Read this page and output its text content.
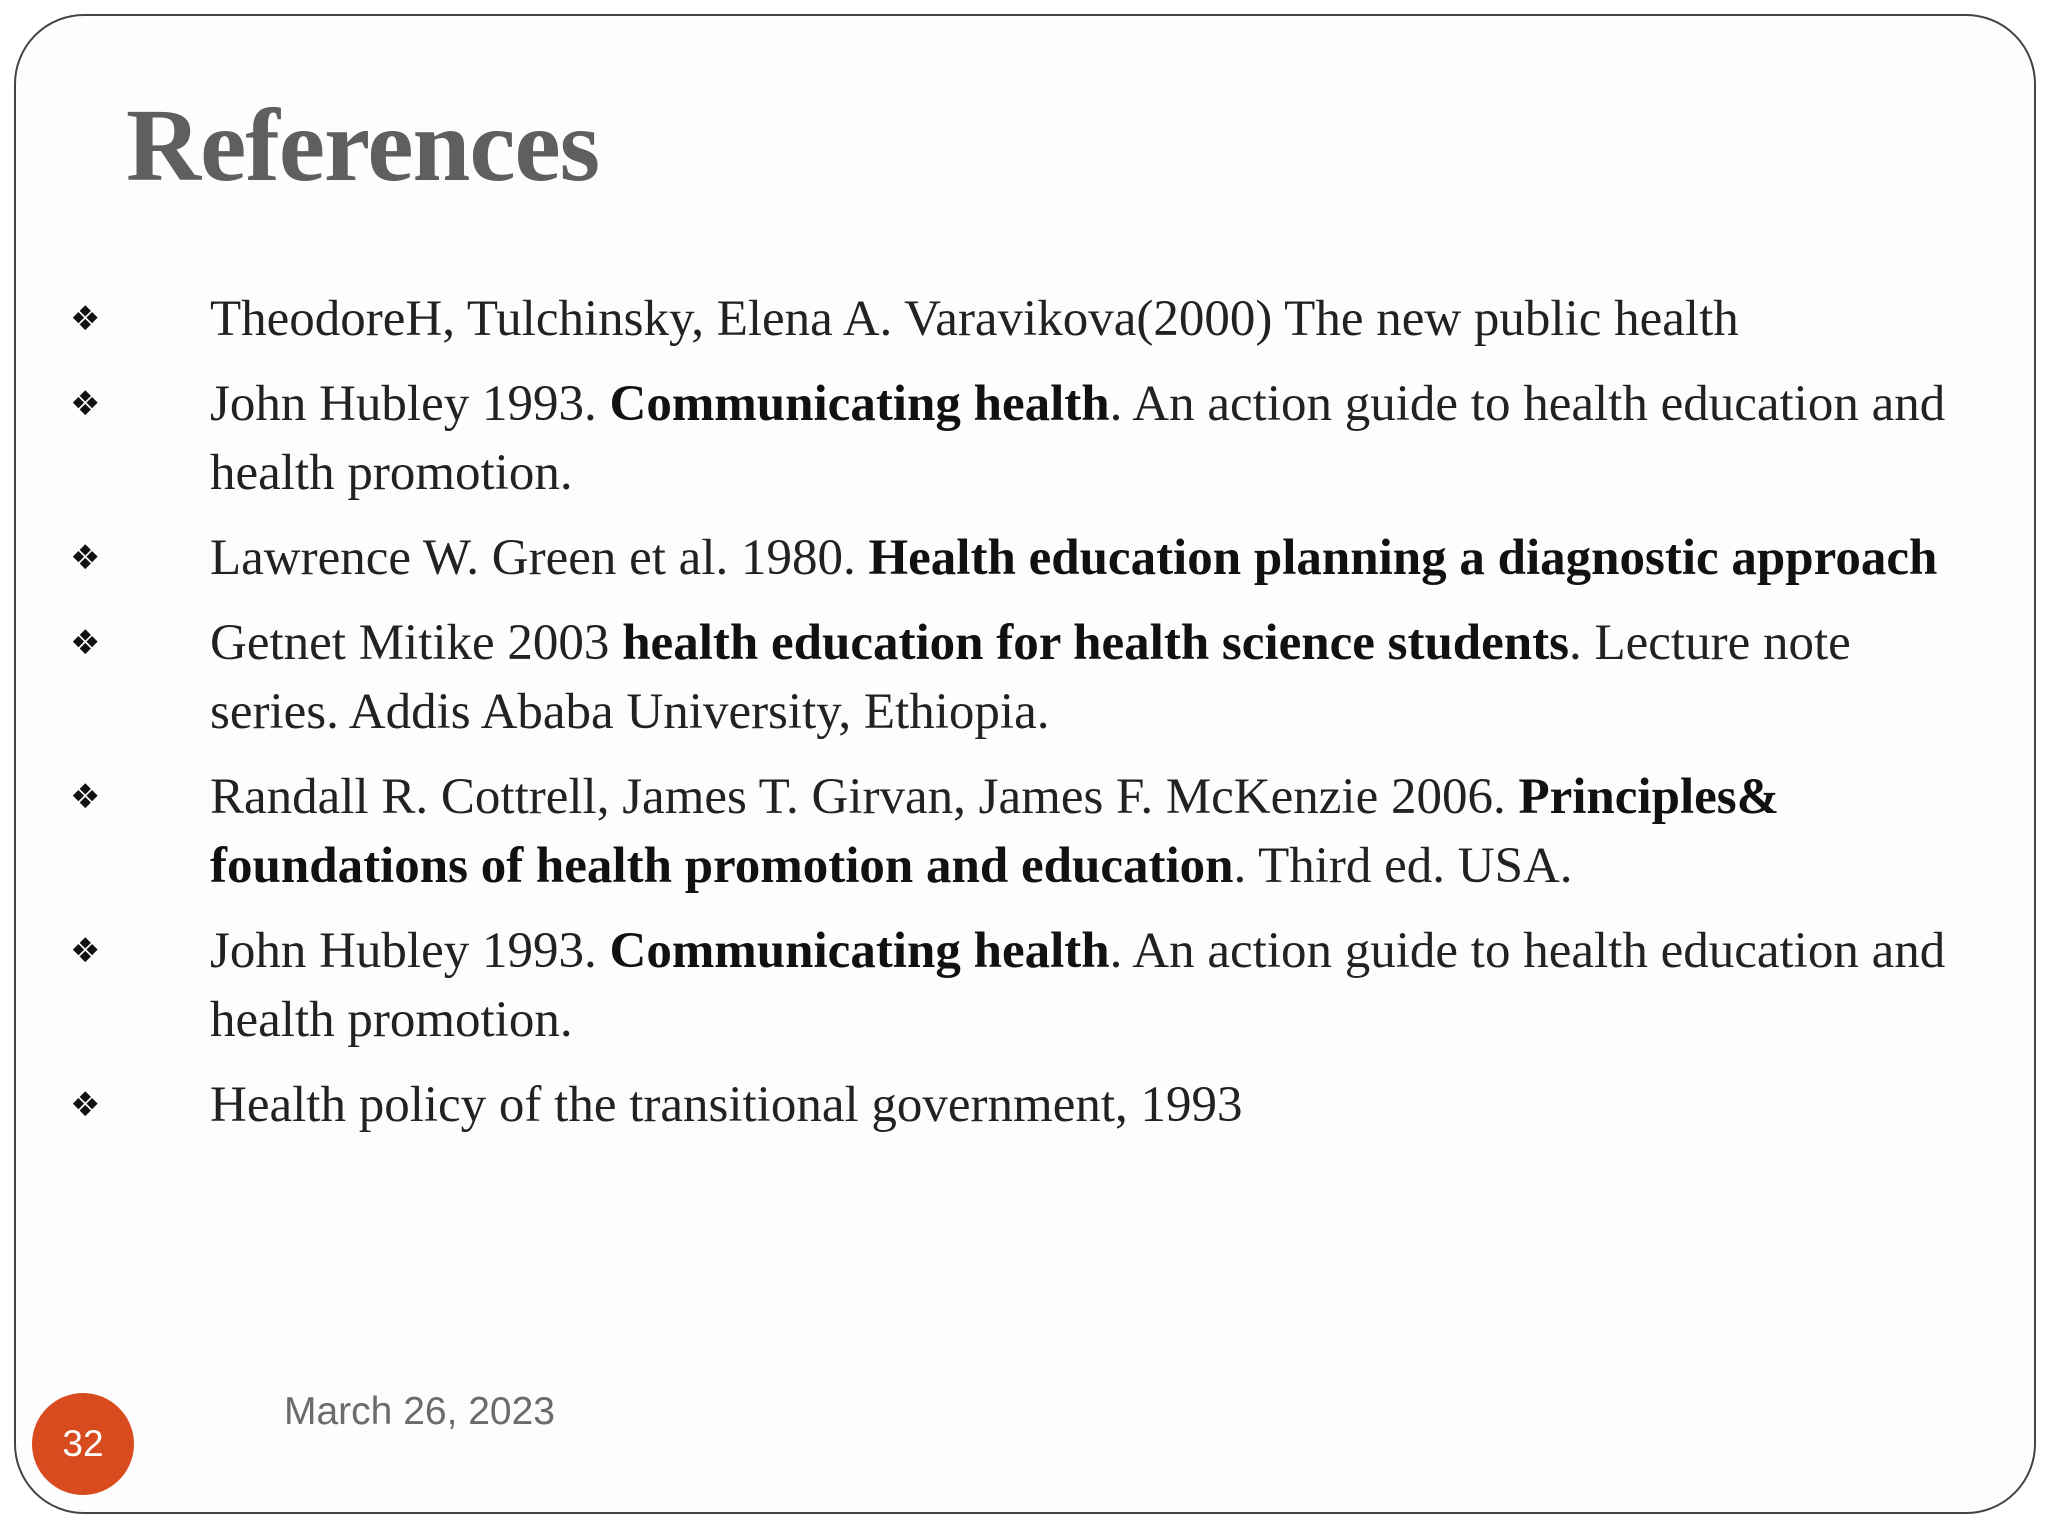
References
❖	TheodoreH, Tulchinsky, Elena A. Varavikova(2000) The new public health
❖	John Hubley 1993. Communicating health. An action guide to health education and health promotion.
❖	Lawrence W. Green et al. 1980. Health education planning a diagnostic approach
❖	Getnet Mitike 2003 health education for health science students. Lecture note series. Addis Ababa University, Ethiopia.
❖	Randall R. Cottrell, James T. Girvan, James F. McKenzie 2006. Principles& foundations of health promotion and education. Third ed. USA.
❖	John Hubley 1993. Communicating health. An action guide to health education and health promotion.
❖	Health policy of the transitional government, 1993
32
March 26, 2023
